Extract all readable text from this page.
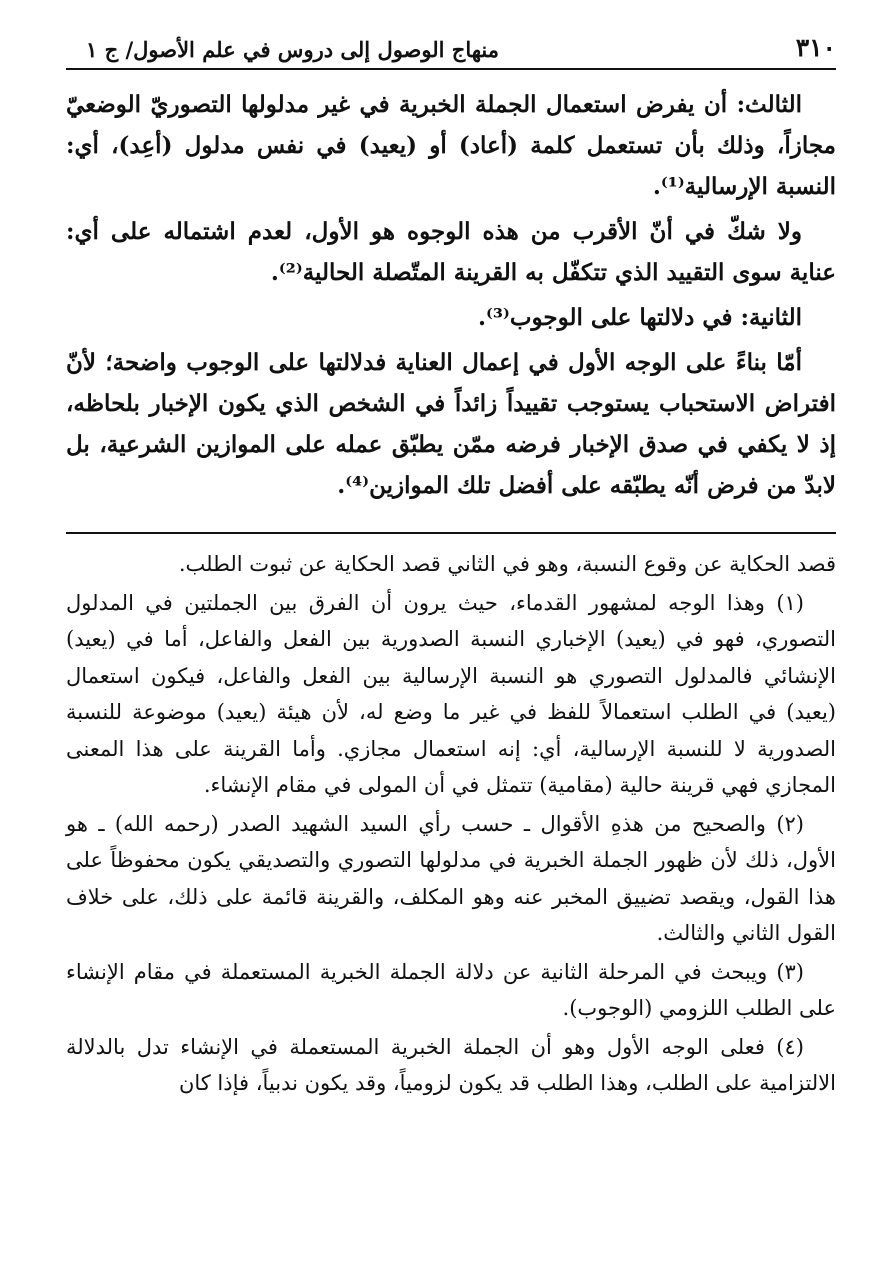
٣١٠
منهاج الوصول إلى دروس في علم الأصول/ ج ١

الثالث: أن يفرض استعمال الجملة الخبرية في غير مدلولها التصوريّ الوضعيّ مجازاً، وذلك بأن تستعمل كلمة (أعاد) أو (يعيد) في نفس مدلول (أعِد)، أي: النسبة الإرسالية⁽¹⁾.

ولا شكّ في أنّ الأقرب من هذه الوجوه هو الأول، لعدم اشتماله على أي: عناية سوى التقييد الذي تتكفّل به القرينة المتّصلة الحالية⁽²⁾.

الثانية: في دلالتها على الوجوب⁽³⁾.

أمّا بناءً على الوجه الأول في إعمال العناية فدلالتها على الوجوب واضحة؛ لأنّ افتراض الاستحباب يستوجب تقييداً زائداً في الشخص الذي يكون الإخبار بلحاظه، إذ لا يكفي في صدق الإخبار فرضه ممّن يطبّق عمله على الموازين الشرعية، بل لابدّ من فرض أنّه يطبّقه على أفضل تلك الموازين⁽⁴⁾.

قصد الحكاية عن وقوع النسبة، وهو في الثاني قصد الحكاية عن ثبوت الطلب.

(١) وهذا الوجه لمشهور القدماء، حيث يرون أن الفرق بين الجملتين في المدلول التصوري، فهو في (يعيد) الإخباري النسبة الصدورية بين الفعل والفاعل، أما في (يعيد) الإنشائي فالمدلول التصوري هو النسبة الإرسالية بين الفعل والفاعل، فيكون استعمال (يعيد) في الطلب استعمالاً للفظ في غير ما وضع له، لأن هيئة (يعيد) موضوعة للنسبة الصدورية لا للنسبة الإرسالية، أي: إنه استعمال مجازي. وأما القرينة على هذا المعنى المجازي فهي قرينة حالية (مقامية) تتمثل في أن المولى في مقام الإنشاء.

(٢) والصحيح من هذهِ الأقوال ـ حسب رأي السيد الشهيد الصدر (رحمه الله) ـ هو الأول، ذلك لأن ظهور الجملة الخبرية في مدلولها التصوري والتصديقي يكون محفوظاً على هذا القول، ويقصد تضييق المخبر عنه وهو المكلف، والقرينة قائمة على ذلك، على خلاف القول الثاني والثالث.

(٣) ويبحث في المرحلة الثانية عن دلالة الجملة الخبرية المستعملة في مقام الإنشاء على الطلب اللزومي (الوجوب).

(٤) فعلى الوجه الأول وهو أن الجملة الخبرية المستعملة في الإنشاء تدل بالدلالة الالتزامية على الطلب، وهذا الطلب قد يكون لزومياً، وقد يكون ندبياً، فإذا كان
